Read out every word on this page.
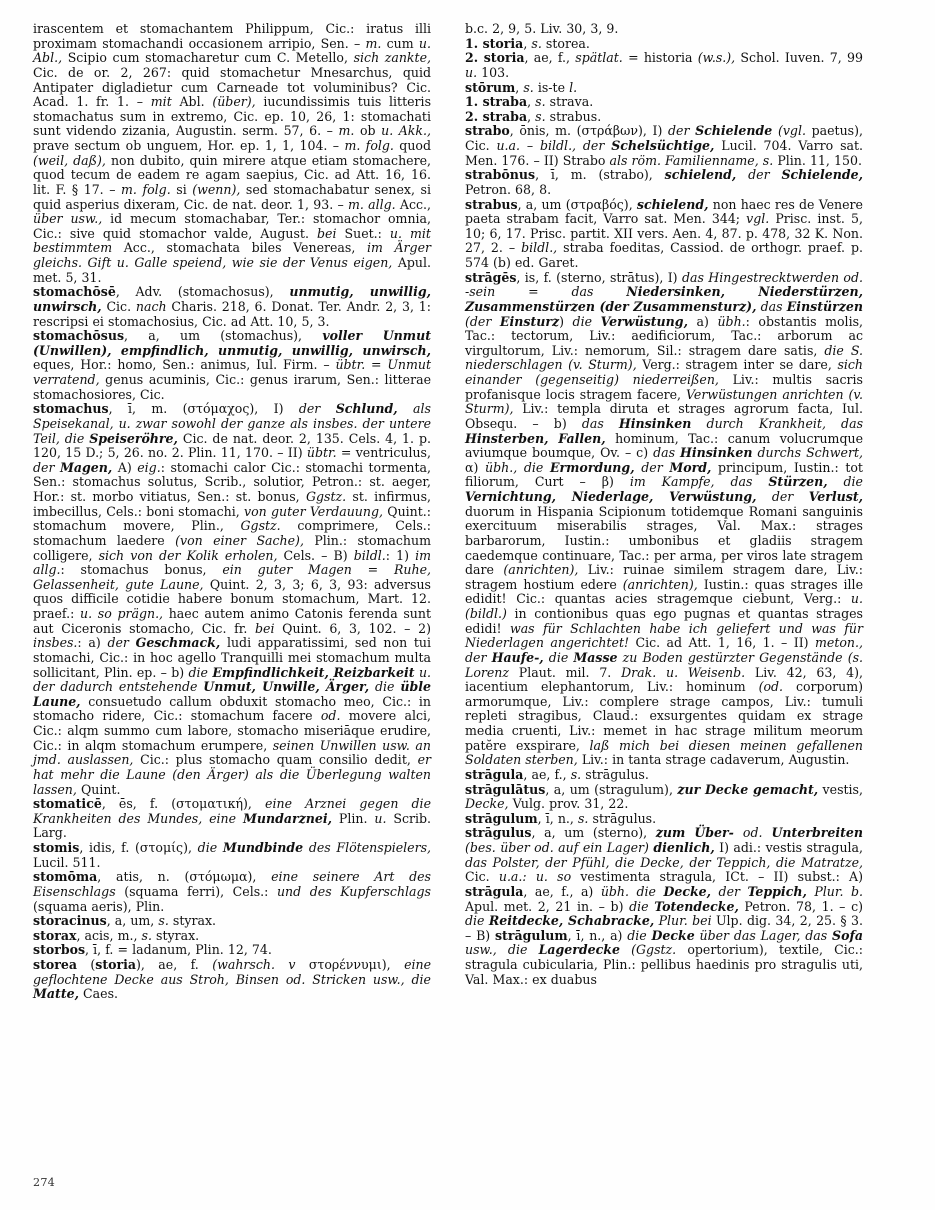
irascentem et stomachantem Philippum, Cic.: iratus illi proximam stomachandi occasionem arripio, Sen. – m. cum u. Abl., Scipio cum stomacharetur cum C. Metello, sich zankte, Cic. de or. 2, 267: quid stomachetur Mnesarchus, quid Antipater digladietur cum Carneade tot voluminibus? Cic. Acad. 1. fr. 1. – mit Abl. (über), iucundissimis tuis litteris stomachatus sum in extremo, Cic. ep. 10, 26, 1: stomachati sunt videndo zizania, Augustin. serm. 57, 6. – m. ob u. Akk., prave sectum ob unguem, Hor. ep. 1, 1, 104. – m. folg. quod (weil, daß), non dubito, quin mirere atque etiam stomachere, quod tecum de eadem re agam saepius, Cic. ad Att. 16, 16. lit. F. § 17. – m. folg. si (wenn), sed stomachabatur senex, si quid asperius dixeram, Cic. de nat. deor. 1, 93. – m. allg. Acc., über usw., id mecum stomachabar, Ter.: stomachor omnia, Cic.: sive quid stomachor valde, August. bei Suet.: u. mit bestimmtem Acc., stomachata biles Venereas, im Ärger gleichs. Gift u. Galle speiend, wie sie der Venus eigen, Apul. met. 5, 31.

stomachōsē, Adv. (stomachosus), unmutig, unwillig, unwirsch, Cic. nach Charis. 218, 6. Donat. Ter. Andr. 2, 3, 1: rescripsi ei stomachosius, Cic. ad Att. 10, 5, 3.

stomachōsus, a, um (stomachus), voller Unmut (Unwillen), empfindlich, unmutig, unwillig, unwirsch, eques, Hor.: homo, Sen.: animus, Iul. Firm. – übtr. = Unmut verratend, genus acuminis, Cic.: genus irarum, Sen.: litterae stomachosiores, Cic.

stomachus, ī, m. (στόμαχος), I) der Schlund, als Speisekanal, u. zwar sowohl der ganze als insbes. der untere Teil, die Speiseröhre, Cic. de nat. deor. 2, 135. Cels. 4, 1. p. 120, 15 D.; 5, 26. no. 2. Plin. 11, 170. – II) übtr. = ventriculus, der Magen, A) eig.: stomachi calor Cic.: stomachi tormenta, Sen.: stomachus solutus, Scrib., solutior, Petron.: st. aeger, Hor.: st. morbo vitiatus, Sen.: st. bonus, Ggstz. st. infirmus, imbecillus, Cels.: boni stomachi, von guter Verdauung, Quint.: stomachum movere, Plin., Ggstz. comprimere, Cels.: stomachum laedere (von einer Sache), Plin.: stomachum colligere, sich von der Kolik erholen, Cels. – B) bildl.: 1) im allg.: stomachus bonus, ein guter Magen = Ruhe, Gelassenheit, gute Laune, Quint. 2, 3, 3; 6, 3, 93: adversus quos difficile cotidie habere bonum stomachum, Mart. 12. praef.: u. so prägn., haec autem animo Catonis ferenda sunt aut Ciceronis stomacho, Cic. fr. bei Quint. 6, 3, 102. – 2) insbes.: a) der Geschmack, ludi apparatissimi, sed non tui stomachi, Cic.: in hoc agello Tranquilli mei stomachum multa sollicitant, Plin. ep. – b) die Empfindlichkeit, Reizbarkeit u. der dadurch entstehende Unmut, Unwille, Ärger, die üble Laune, consuetudo callum obduxit stomacho meo, Cic.: in stomacho ridere, Cic.: stomachum facere od. movere alci, Cic.: alqm summo cum labore, stomacho miseriāque erudire, Cic.: in alqm stomachum erumpere, seinen Unwillen usw. an jmd. auslassen, Cic.: plus stomacho quam consilio dedit, er hat mehr die Laune (den Ärger) als die Überlegung walten lassen, Quint.

stomaticē, ēs, f. (στοματική), eine Arznei gegen die Krankheiten des Mundes, eine Mundarznei, Plin. u. Scrib. Larg.

stomis, idis, f. (στομίς), die Mundbinde des Flötenspielers, Lucil. 511.

stomōma, atis, n. (στόμωμα), eine seinere Art des Eisenschlags (squama ferri), Cels.: und des Kupferschlags (squama aeris), Plin.

storacinus, a, um, s. styrax.

storax, acis, m., s. styrax.

storbos, ī, f. = ladanum, Plin. 12, 74.

storea (storia), ae, f. (wahrsch. v στορέννυμι), eine geflochtene Decke aus Stroh, Binsen od. Stricken usw., die Matte, Caes.

b.c. 2, 9, 5. Liv. 30, 3, 9.

1. storia, s. storea.

2. storia, ae, f., spätlat. = historia (w.s.), Schol. Iuven. 7, 99 u. 103.

stōrum, s. is-te l.

1. straba, s. strava.

2. straba, s. strabus.

strabo, ōnis, m. (στράβων), I) der Schielende (vgl. paetus), Cic. u.a. – bildl., der Schelsüchtige, Lucil. 704. Varro sat. Men. 176. – II) Strabo als röm. Familienname, s. Plin. 11, 150.

strabōnus, ī, m. (strabo), schielend, der Schielende, Petron. 68, 8.

strabus, a, um (στραβός), schielend, non haec res de Venere paeta strabam facit, Varro sat. Men. 344; vgl. Prisc. inst. 5, 10; 6, 17. Prisc. partit. XII vers. Aen. 4, 87. p. 478, 32 K. Non. 27, 2. – bildl., straba foeditas, Cassiod. de orthogr. praef. p. 574 (b) ed. Garet.

strāgēs, is, f. (sterno, strātus), I) das Hingestrecktwerden od. -sein = das	Niedersinken, Niederstürzen, Zusammenstürzen (der Zusammensturz), das Einstürzen (der Einsturz) die Verwüstung, a) übh.: obstantis molis, Tac.: tectorum, Liv.: aedificiorum, Tac.: arborum ac virgultorum, Liv.: nemorum, Sil.: stragem dare satis, die S. niederschlagen (v. Sturm), Verg.: stragem inter se dare, sich einander (gegenseitig) niederreißen, Liv.: multis sacris profanisque locis stragem facere, Verwüstungen anrichten (v. Sturm), Liv.: templa diruta et strages agrorum facta, Iul. Obsequ. – b) das Hinsinken durch Krankheit, das Hinsterben, Fallen, hominum, Tac.: canum volucrumque aviumque boumque, Ov. – c) das Hinsinken durchs Schwert, α) übh., die Ermordung, der Mord, principum, Iustin.: tot filiorum, Curt – β) im Kampfe, das Stürzen, die Vernichtung, Niederlage, Verwüstung, der Verlust, duorum in Hispania Scipionum totidemque Romani sanguinis exercituum miserabilis strages, Val. Max.: strages barbarorum, Iustin.: umbonibus et gladiis stragem caedemque continuare, Tac.: per arma, per viros late stragem dare (anrichten), Liv.: ruinae similem stragem dare, Liv.: stragem hostium edere (anrichten), Iustin.: quas strages ille edidit! Cic.: quantas acies stragemque ciebunt, Verg.: u. (bildl.) in contionibus quas ego pugnas et quantas strages edidi! was für Schlachten habe ich geliefert und was für Niederlagen angerichtet! Cic. ad Att. 1, 16, 1. – II) meton., der Haufe-, die Masse zu Boden gestürzter Gegenstände (s. Lorenz Plaut. mil. 7. Drak. u. Weisenb. Liv. 42, 63, 4), iacentium elephantorum, Liv.: hominum (od. corporum) armorumque, Liv.: complere strage campos, Liv.: tumuli repleti stragibus, Claud.: exsurgentes quidam ex strage media cruenti, Liv.: memet in hac strage militum meorum patĕre exspirare, laß mich bei diesen meinen gefallenen Soldaten sterben, Liv.: in tanta strage cadaverum, Augustin.

strāgula, ae, f., s. strāgulus.

strāgulātus, a, um (stragulum), zur Decke gemacht, vestis, Decke, Vulg. prov. 31, 22.

strāgulum, ī, n., s. strāgulus.

strāgulus, a, um (sterno), zum Über- od. Unterbreiten (bes. über od. auf ein Lager) dienlich, I) adi.: vestis stragula, das Polster, der Pfühl, die Decke, der Teppich, die Matratze, Cic. u.a.: u. so vestimenta stragula, ICt. – II) subst.: A) strāgula, ae, f., a) übh. die Decke, der Teppich, Plur. b. Apul. met. 2, 21 in. – b) die Totendecke, Petron. 78, 1. – c) die Reitdecke, Schabracke, Plur. bei Ulp. dig. 34, 2, 25. § 3. – B) strāgulum, ī, n., a) die Decke über das Lager, das Sofa usw., die Lagerdecke (Ggstz. opertorium), textile, Cic.: stragula cubicularia, Plin.: pellibus haedinis pro stragulis uti, Val. Max.: ex duabus

274
